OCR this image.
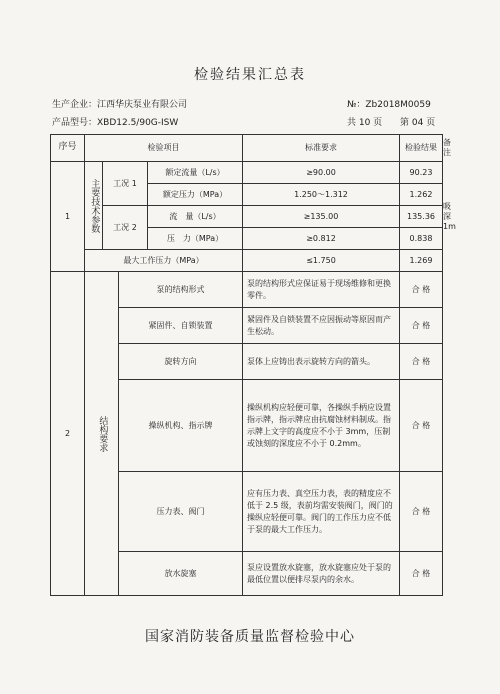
检验结果汇总表
生产企业：江西华庆泵业有限公司
产品型号：XBD12.5/90G-ISW
№：Zb2018M0059
共 10 页 第 04 页
序号	检验项目				标准要求	检验结果	备注
1	主要技术参数	工况 1		额定流量（L/s）	≥90.00	90.23	吸深 1m
				额定压力（MPa）	1.250～1.312	1.262	
		工况 2		流　量（L/s）	≥135.00	135.36	
				压　力（MPa）	≥0.812	0.838	
	最大工作压力（MPa）				≤1.750	1.269	
2	结构要求		泵的结构形式		泵的结构形式应保证易于现场维修和更换零件。	合 格	
			紧固件、自锁装置		紧固件及自锁装置不应因振动等原因而产生松动。	合 格	
			旋转方向		泵体上应铸出表示旋转方向的箭头。	合 格	
			操纵机构、指示牌		操纵机构应轻便可靠，各操纵手柄应设置指示牌，指示牌应由抗腐蚀材料制成。指示牌上文字的高度应不小于 3mm，压制或蚀刻的深度应不小于 0.2mm。	合 格	
			压力表、阀门		应有压力表、真空压力表，表的精度应不低于 2.5 级，表前均需安装阀门，阀门的操纵应轻便可靠。阀门的工作压力应不低于泵的最大工作压力。	合 格	
			放水旋塞		泵应设置放水旋塞，放水旋塞应处于泵的最低位置以便排尽泵内的余水。	合 格	
国家消防装备质量监督检验中心
